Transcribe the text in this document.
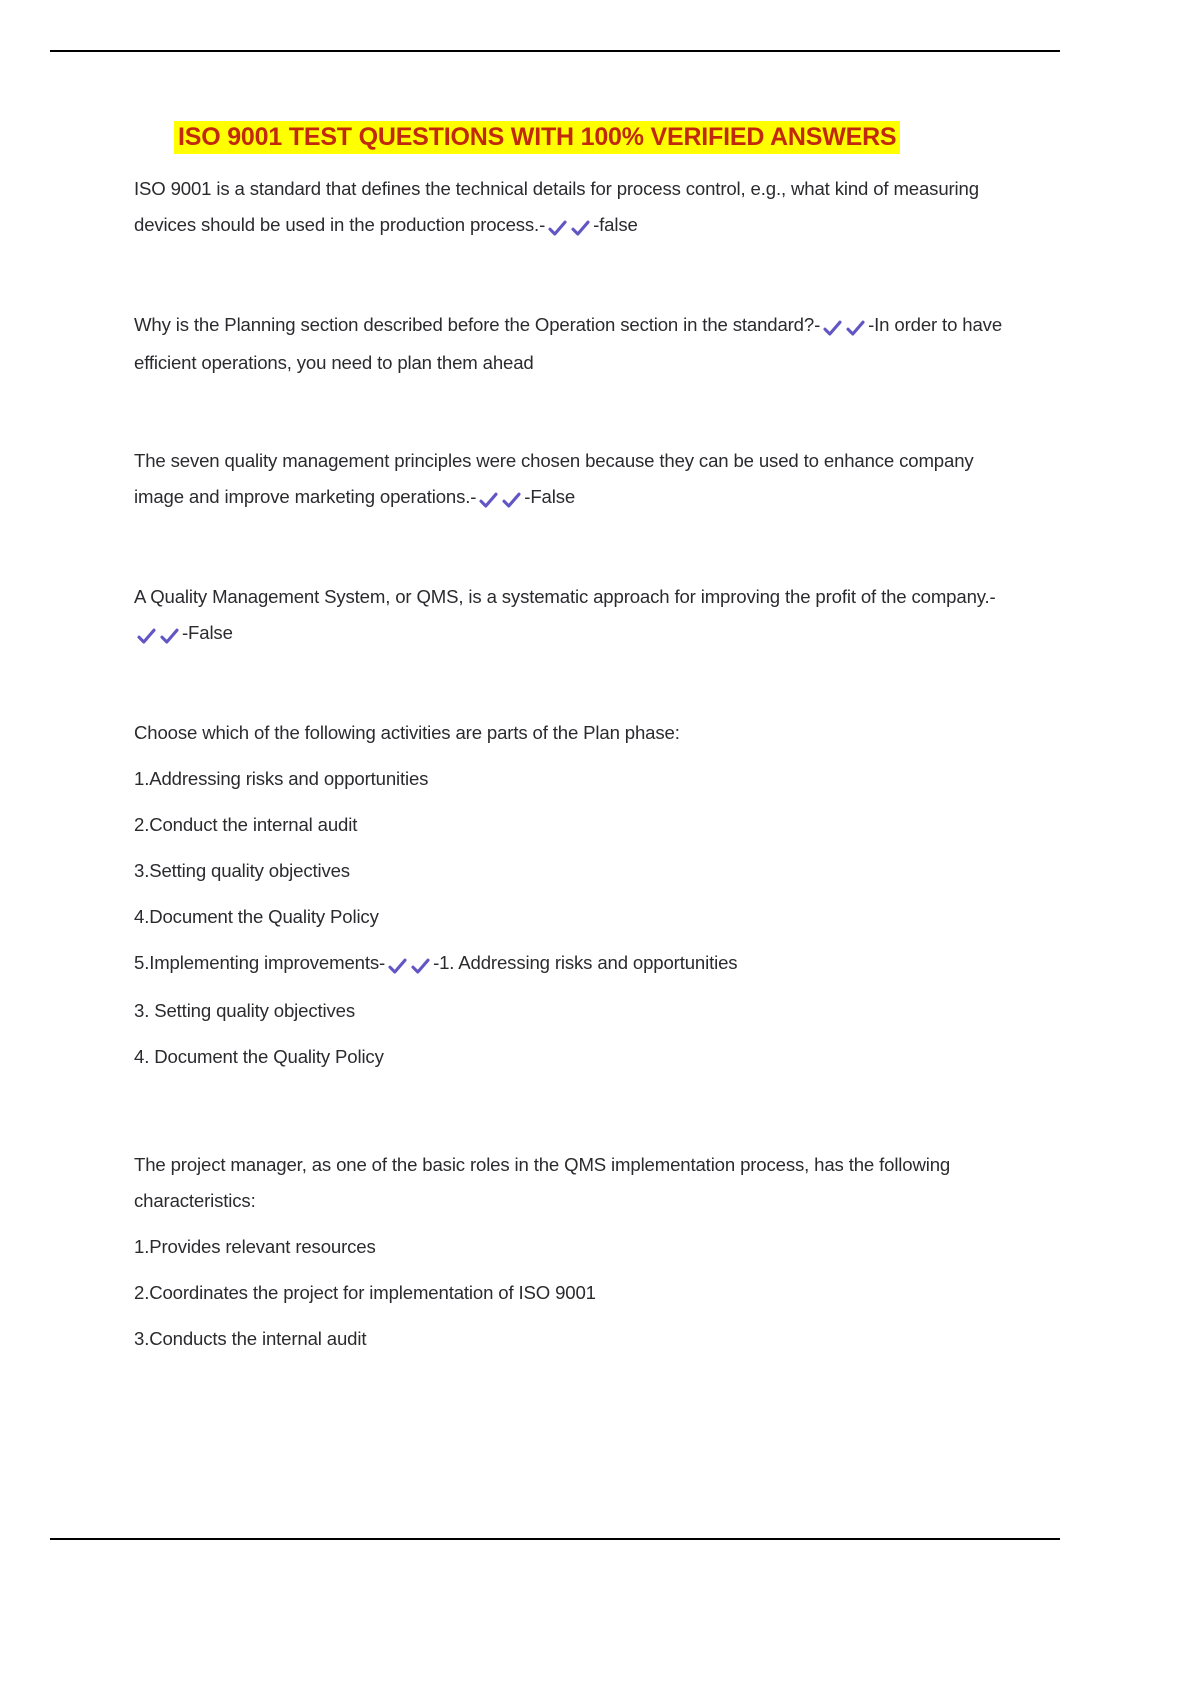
ISO 9001 TEST QUESTIONS WITH 100% VERIFIED ANSWERS

ISO 9001 is a standard that defines the technical details for process control, e.g., what kind of measuring devices should be used in the production process.-	-false

Why is the Planning section described before the Operation section in the standard?-	-In order to have efficient operations, you need to plan them ahead

The seven quality management principles were chosen because they can be used to enhance company image and improve marketing operations.-	-False

A Quality Management System, or QMS, is a systematic approach for improving the profit of the company.-
-False

Choose which of the following activities are parts of the Plan phase:

1.Addressing risks and opportunities

2.Conduct the internal audit

3.Setting quality objectives

4.Document the Quality Policy

5.Implementing improvements-	-1. Addressing risks and opportunities

3. Setting quality objectives

4. Document the Quality Policy

The project manager, as one of the basic roles in the QMS implementation process, has the following characteristics:

1.Provides relevant resources

2.Coordinates the project for implementation of ISO 9001

3.Conducts the internal audit
